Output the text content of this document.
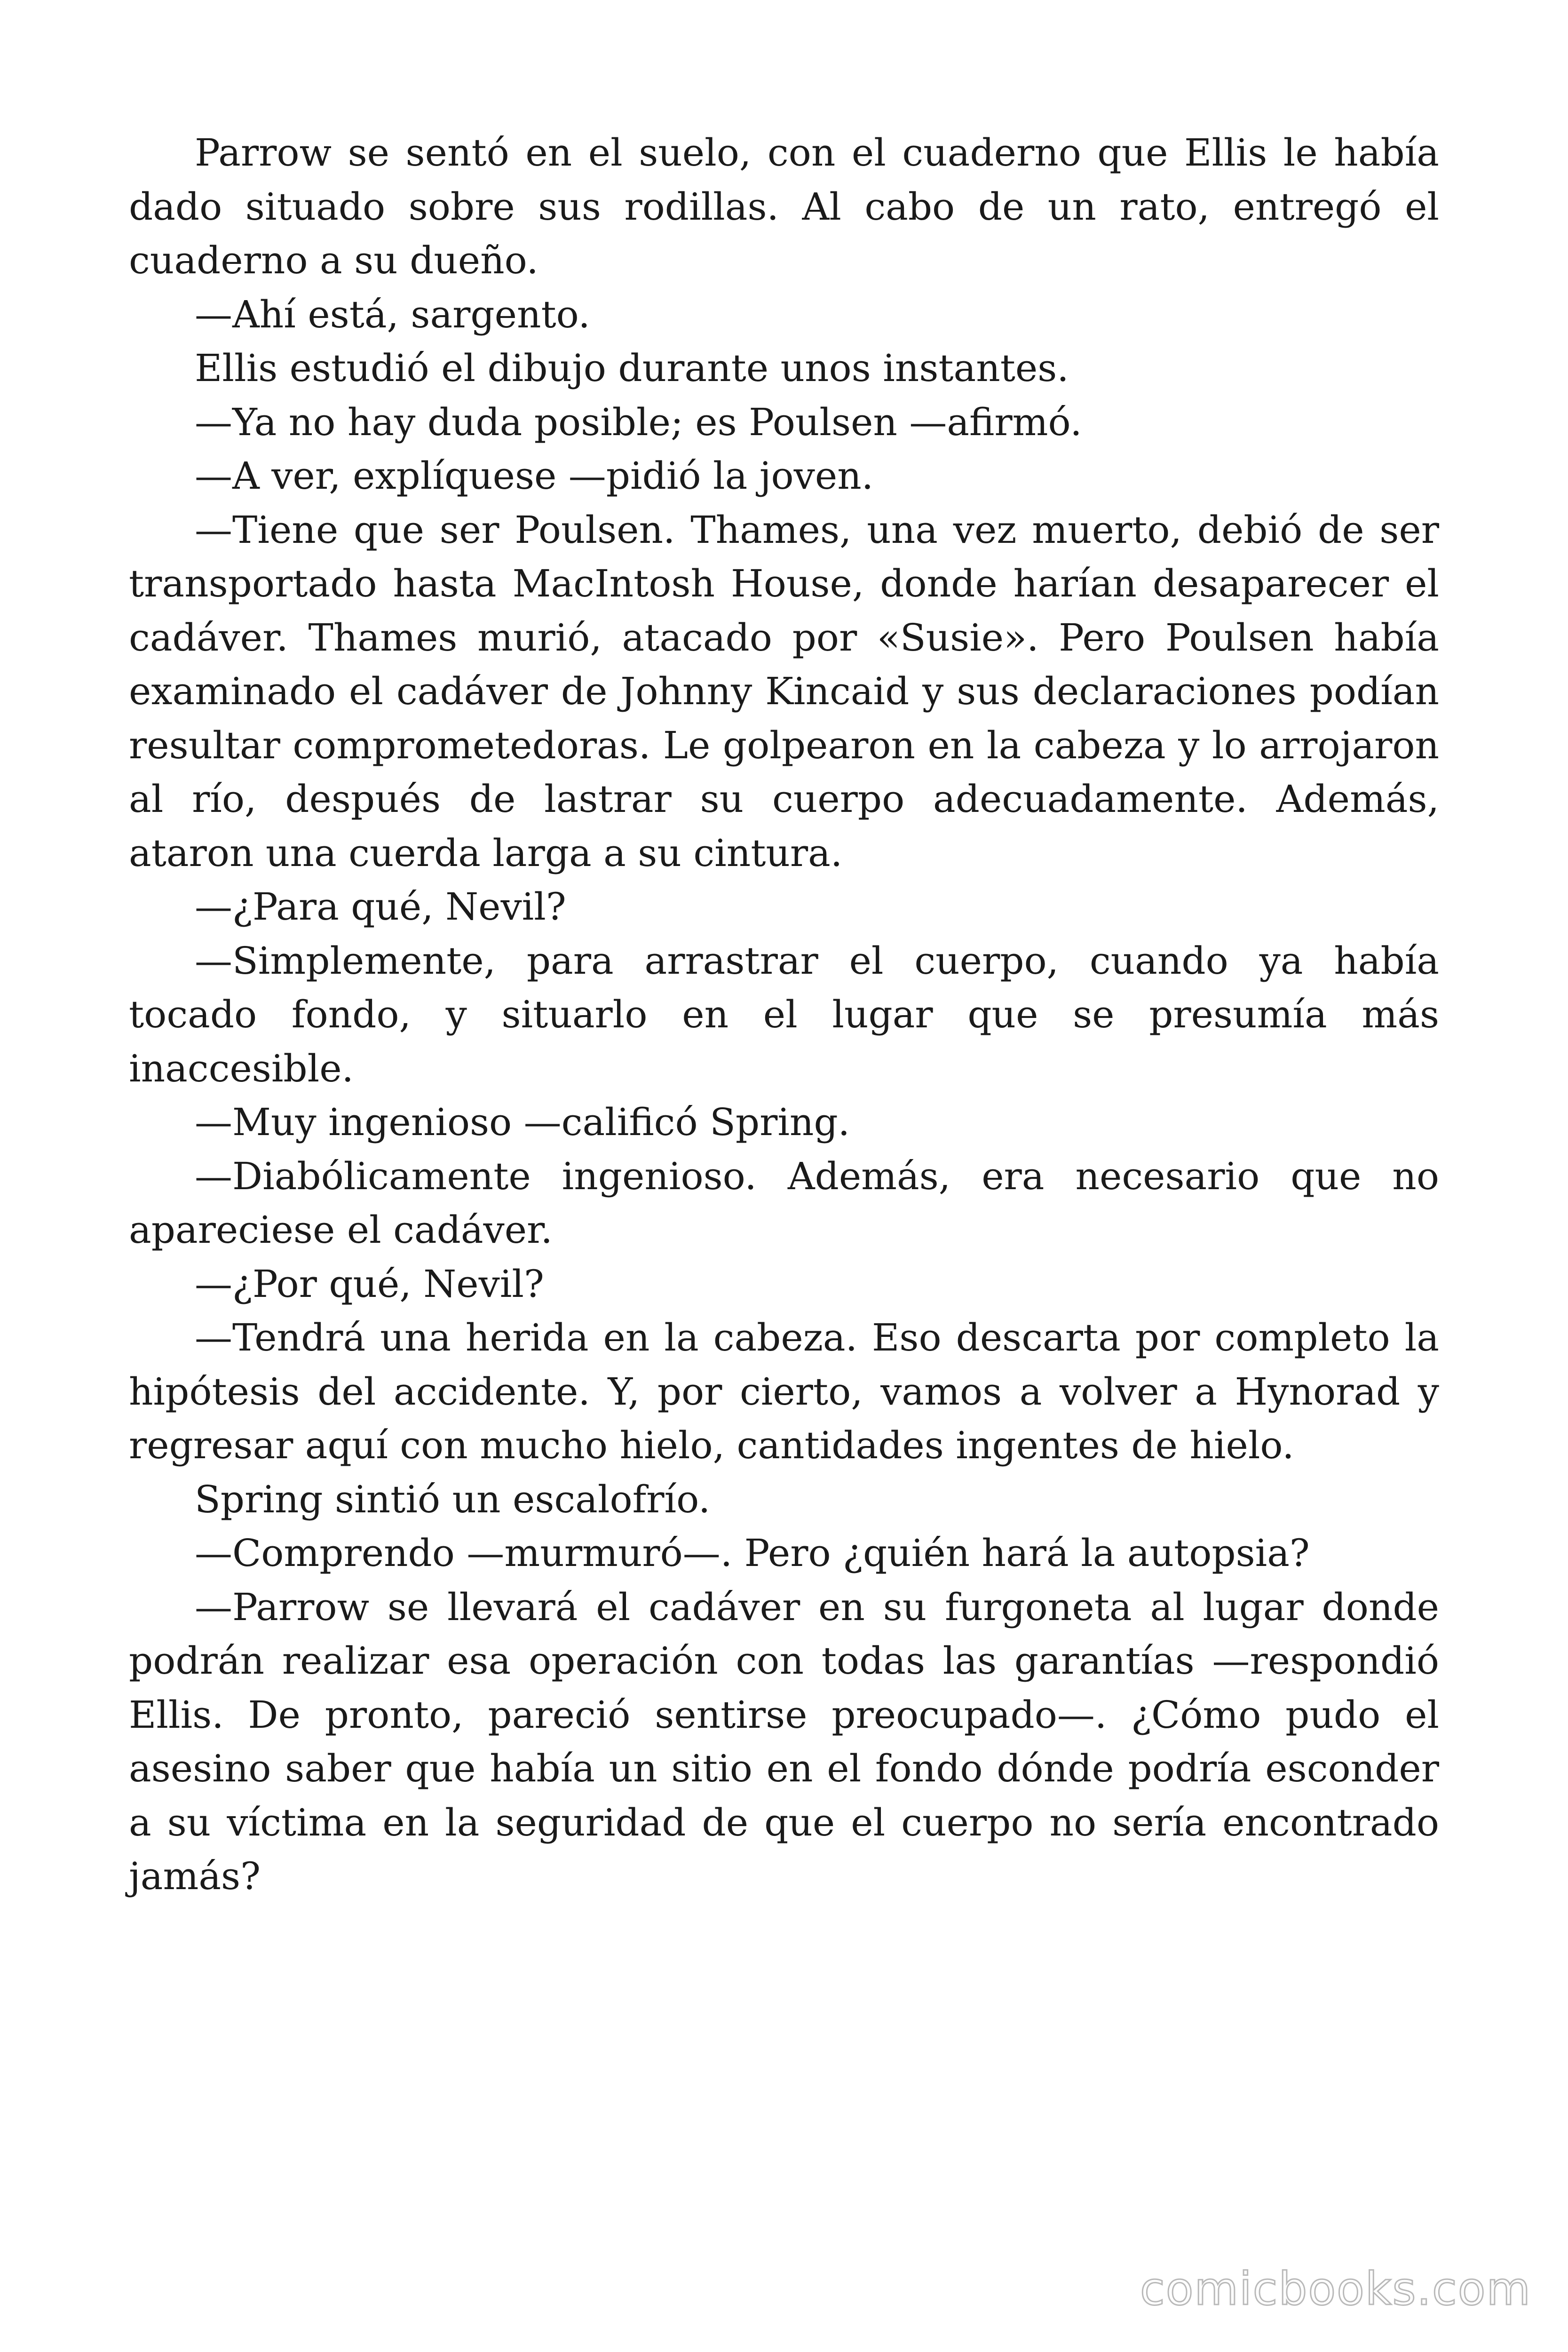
Parrow se sentó en el suelo, con el cuaderno que Ellis le había dado situado sobre sus rodillas. Al cabo de un rato, entregó el cuaderno a su dueño.

—Ahí está, sargento.

Ellis estudió el dibujo durante unos instantes.

—Ya no hay duda posible; es Poulsen —afirmó.

—A ver, explíquese —pidió la joven.

—Tiene que ser Poulsen. Thames, una vez muerto, debió de ser transportado hasta MacIntosh House, donde harían desaparecer el cadáver. Thames murió, atacado por «Susie». Pero Poulsen había examinado el cadáver de Johnny Kincaid y sus declaraciones podían resultar comprometedoras. Le golpearon en la cabeza y lo arrojaron al río, después de lastrar su cuerpo adecuadamente. Además, ataron una cuerda larga a su cintura.

—¿Para qué, Nevil?

—Simplemente, para arrastrar el cuerpo, cuando ya había tocado fondo, y situarlo en el lugar que se presumía más inaccesible.

—Muy ingenioso —calificó Spring.

—Diabólicamente ingenioso. Además, era necesario que no apareciese el cadáver.

—¿Por qué, Nevil?

—Tendrá una herida en la cabeza. Eso descarta por completo la hipótesis del accidente. Y, por cierto, vamos a volver a Hynorad y regresar aquí con mucho hielo, cantidades ingentes de hielo.

Spring sintió un escalofrío.

—Comprendo —murmuró—. Pero ¿quién hará la autopsia?

—Parrow se llevará el cadáver en su furgoneta al lugar donde podrán realizar esa operación con todas las garantías —respondió Ellis. De pronto, pareció sentirse preocupado—. ¿Cómo pudo el asesino saber que había un sitio en el fondo dónde podría esconder a su víctima en la seguridad de que el cuerpo no sería encontrado jamás?

comicbooks.com
